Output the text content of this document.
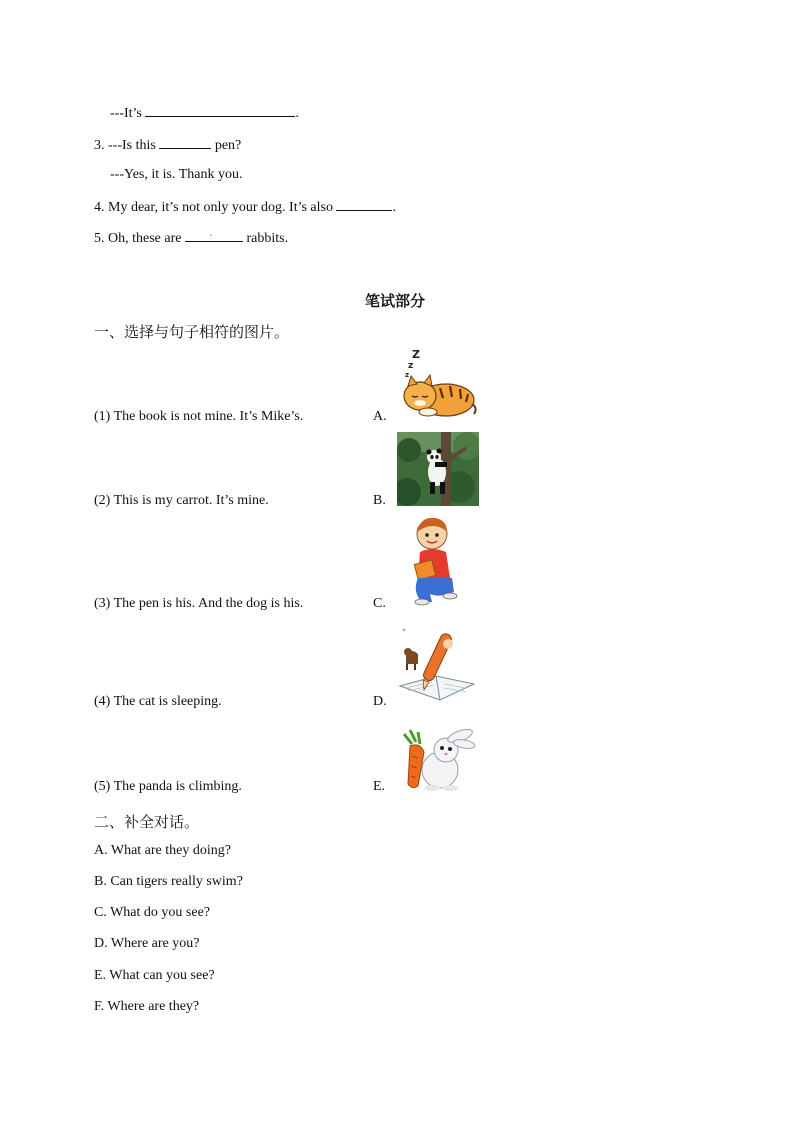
---It’s	.
3. ---Is this	pen?
---Yes, it is. Thank you.
4. My dear, it’s not only your dog. It’s also	.
5. Oh, these are . rabbits.
笔试部分
一、选择与句子相符的图片。
(1) The book is not mine. It’s Mike’s.	A.
(2) This is my carrot. It’s mine.	B.
(3) The pen is his. And the dog is his.	C.
(4) The cat is sleeping.	D.
(5) The panda is climbing.	E.
Z
z
z
*
二、补全对话。
A. What are they doing?
B. Can tigers really swim?
C. What do you see?
D. Where are you?
E. What can you see?
F. Where are they?
